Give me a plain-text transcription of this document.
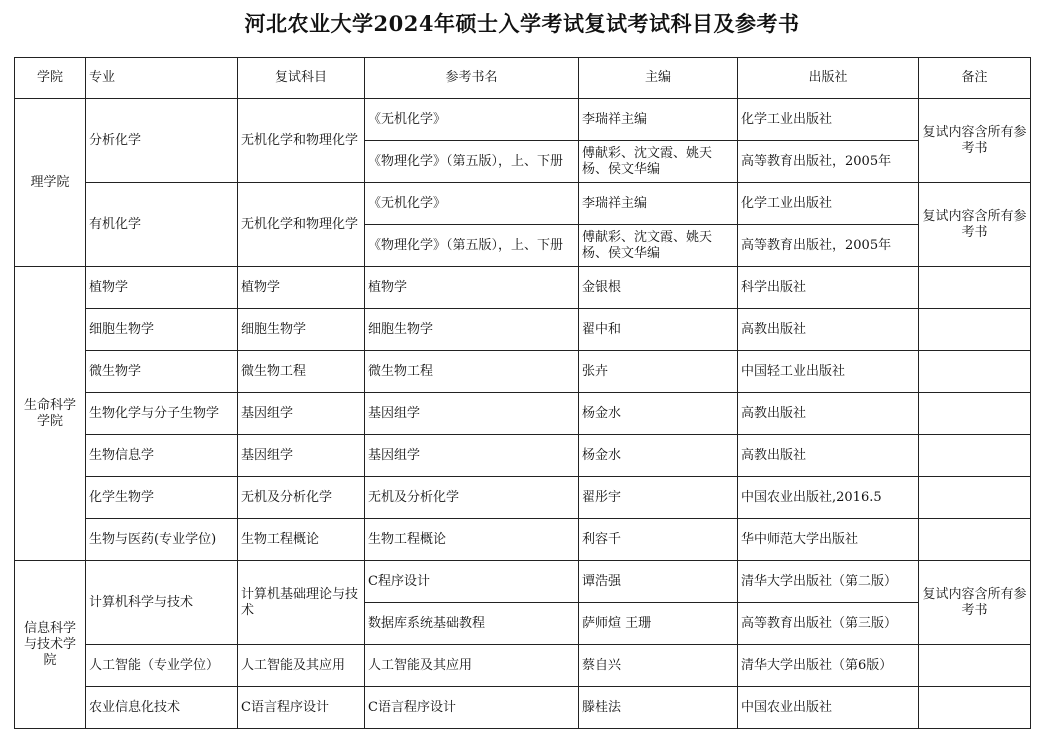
河北农业大学2024年硕士入学考试复试考试科目及参考书
学院	专业	复试科目	参考书名	主编	出版社	备注
理学院	分析化学	无机化学和物理化学	《无机化学》	李瑞祥主编	化学工业出版社	复试内容含所有参考书
			《物理化学》（第五版），上、下册	傅献彩、沈文霞、姚天杨、侯文华编	高等教育出版社，2005年	
	有机化学	无机化学和物理化学	《无机化学》	李瑞祥主编	化学工业出版社	复试内容含所有参考书
			《物理化学》（第五版），上、下册	傅献彩、沈文霞、姚天杨、侯文华编	高等教育出版社，2005年	
生命科学学院	植物学	植物学	植物学	金银根	科学出版社	
	细胞生物学	细胞生物学	细胞生物学	翟中和	高教出版社	
	微生物学	微生物工程	微生物工程	张卉	中国轻工业出版社	
	生物化学与分子生物学	基因组学	基因组学	杨金水	高教出版社	
	生物信息学	基因组学	基因组学	杨金水	高教出版社	
	化学生物学	无机及分析化学	无机及分析化学	翟彤宇	中国农业出版社,2016.5	
	生物与医药(专业学位)	生物工程概论	生物工程概论	利容千	华中师范大学出版社	
信息科学与技术学院	计算机科学与技术	计算机基础理论与技术	C程序设计	谭浩强	清华大学出版社（第二版）	复试内容含所有参考书
			数据库系统基础教程	萨师煊 王珊	高等教育出版社（第三版）	
	人工智能（专业学位）	人工智能及其应用	人工智能及其应用	蔡自兴	清华大学出版社（第6版）	
	农业信息化技术	C语言程序设计	C语言程序设计	滕桂法	中国农业出版社	
